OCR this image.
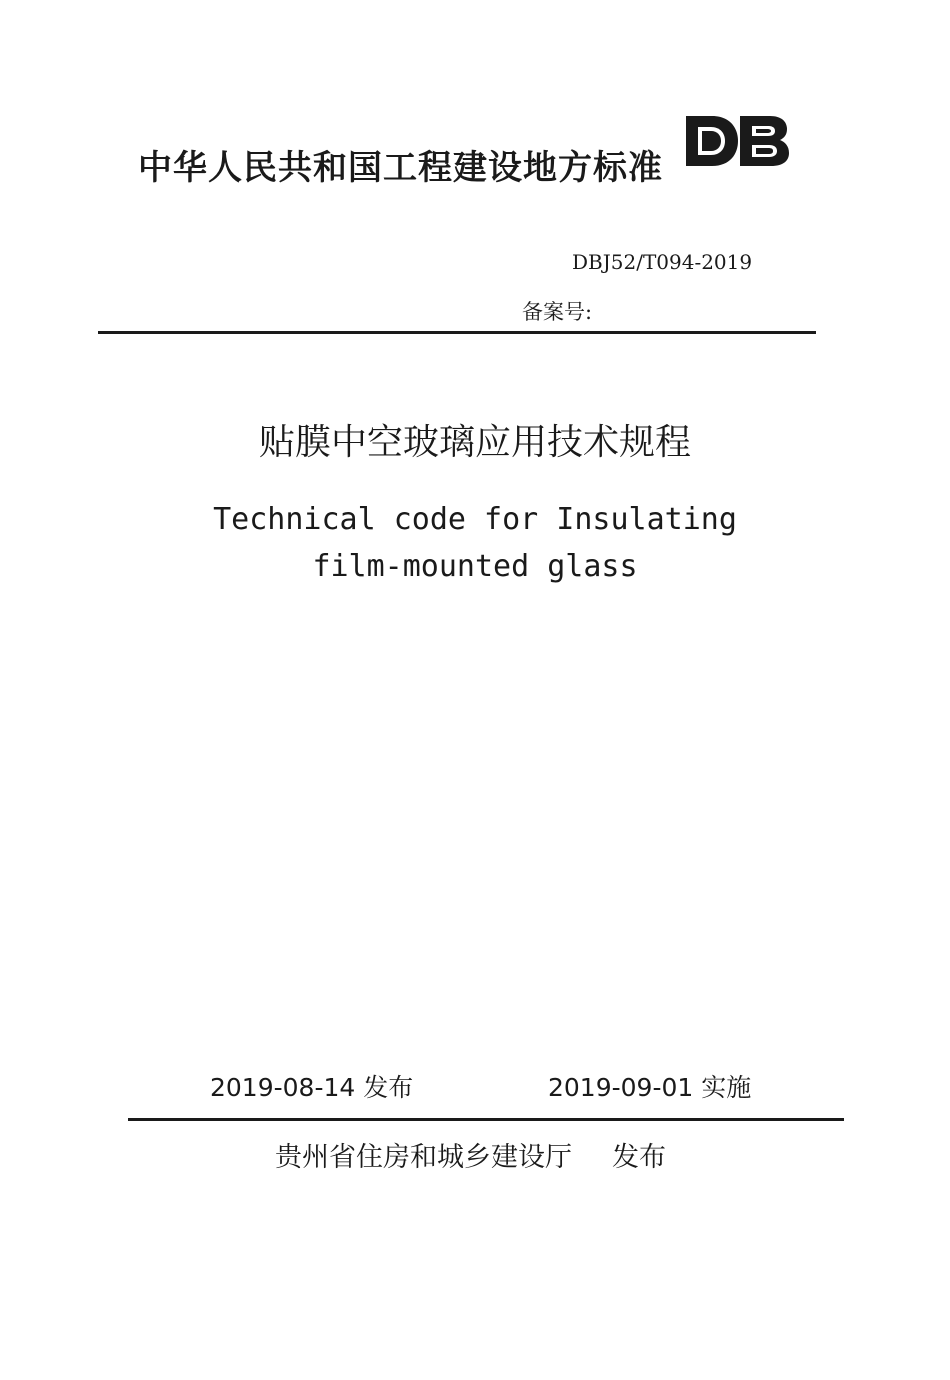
中华人民共和国工程建设地方标准
DBJ52/T094-2019
备案号:
贴膜中空玻璃应用技术规程
Technical code for Insulating
film-mounted glass
2019-08-14 发布	2019-09-01 实施
贵州省住房和城乡建设厅 发布
